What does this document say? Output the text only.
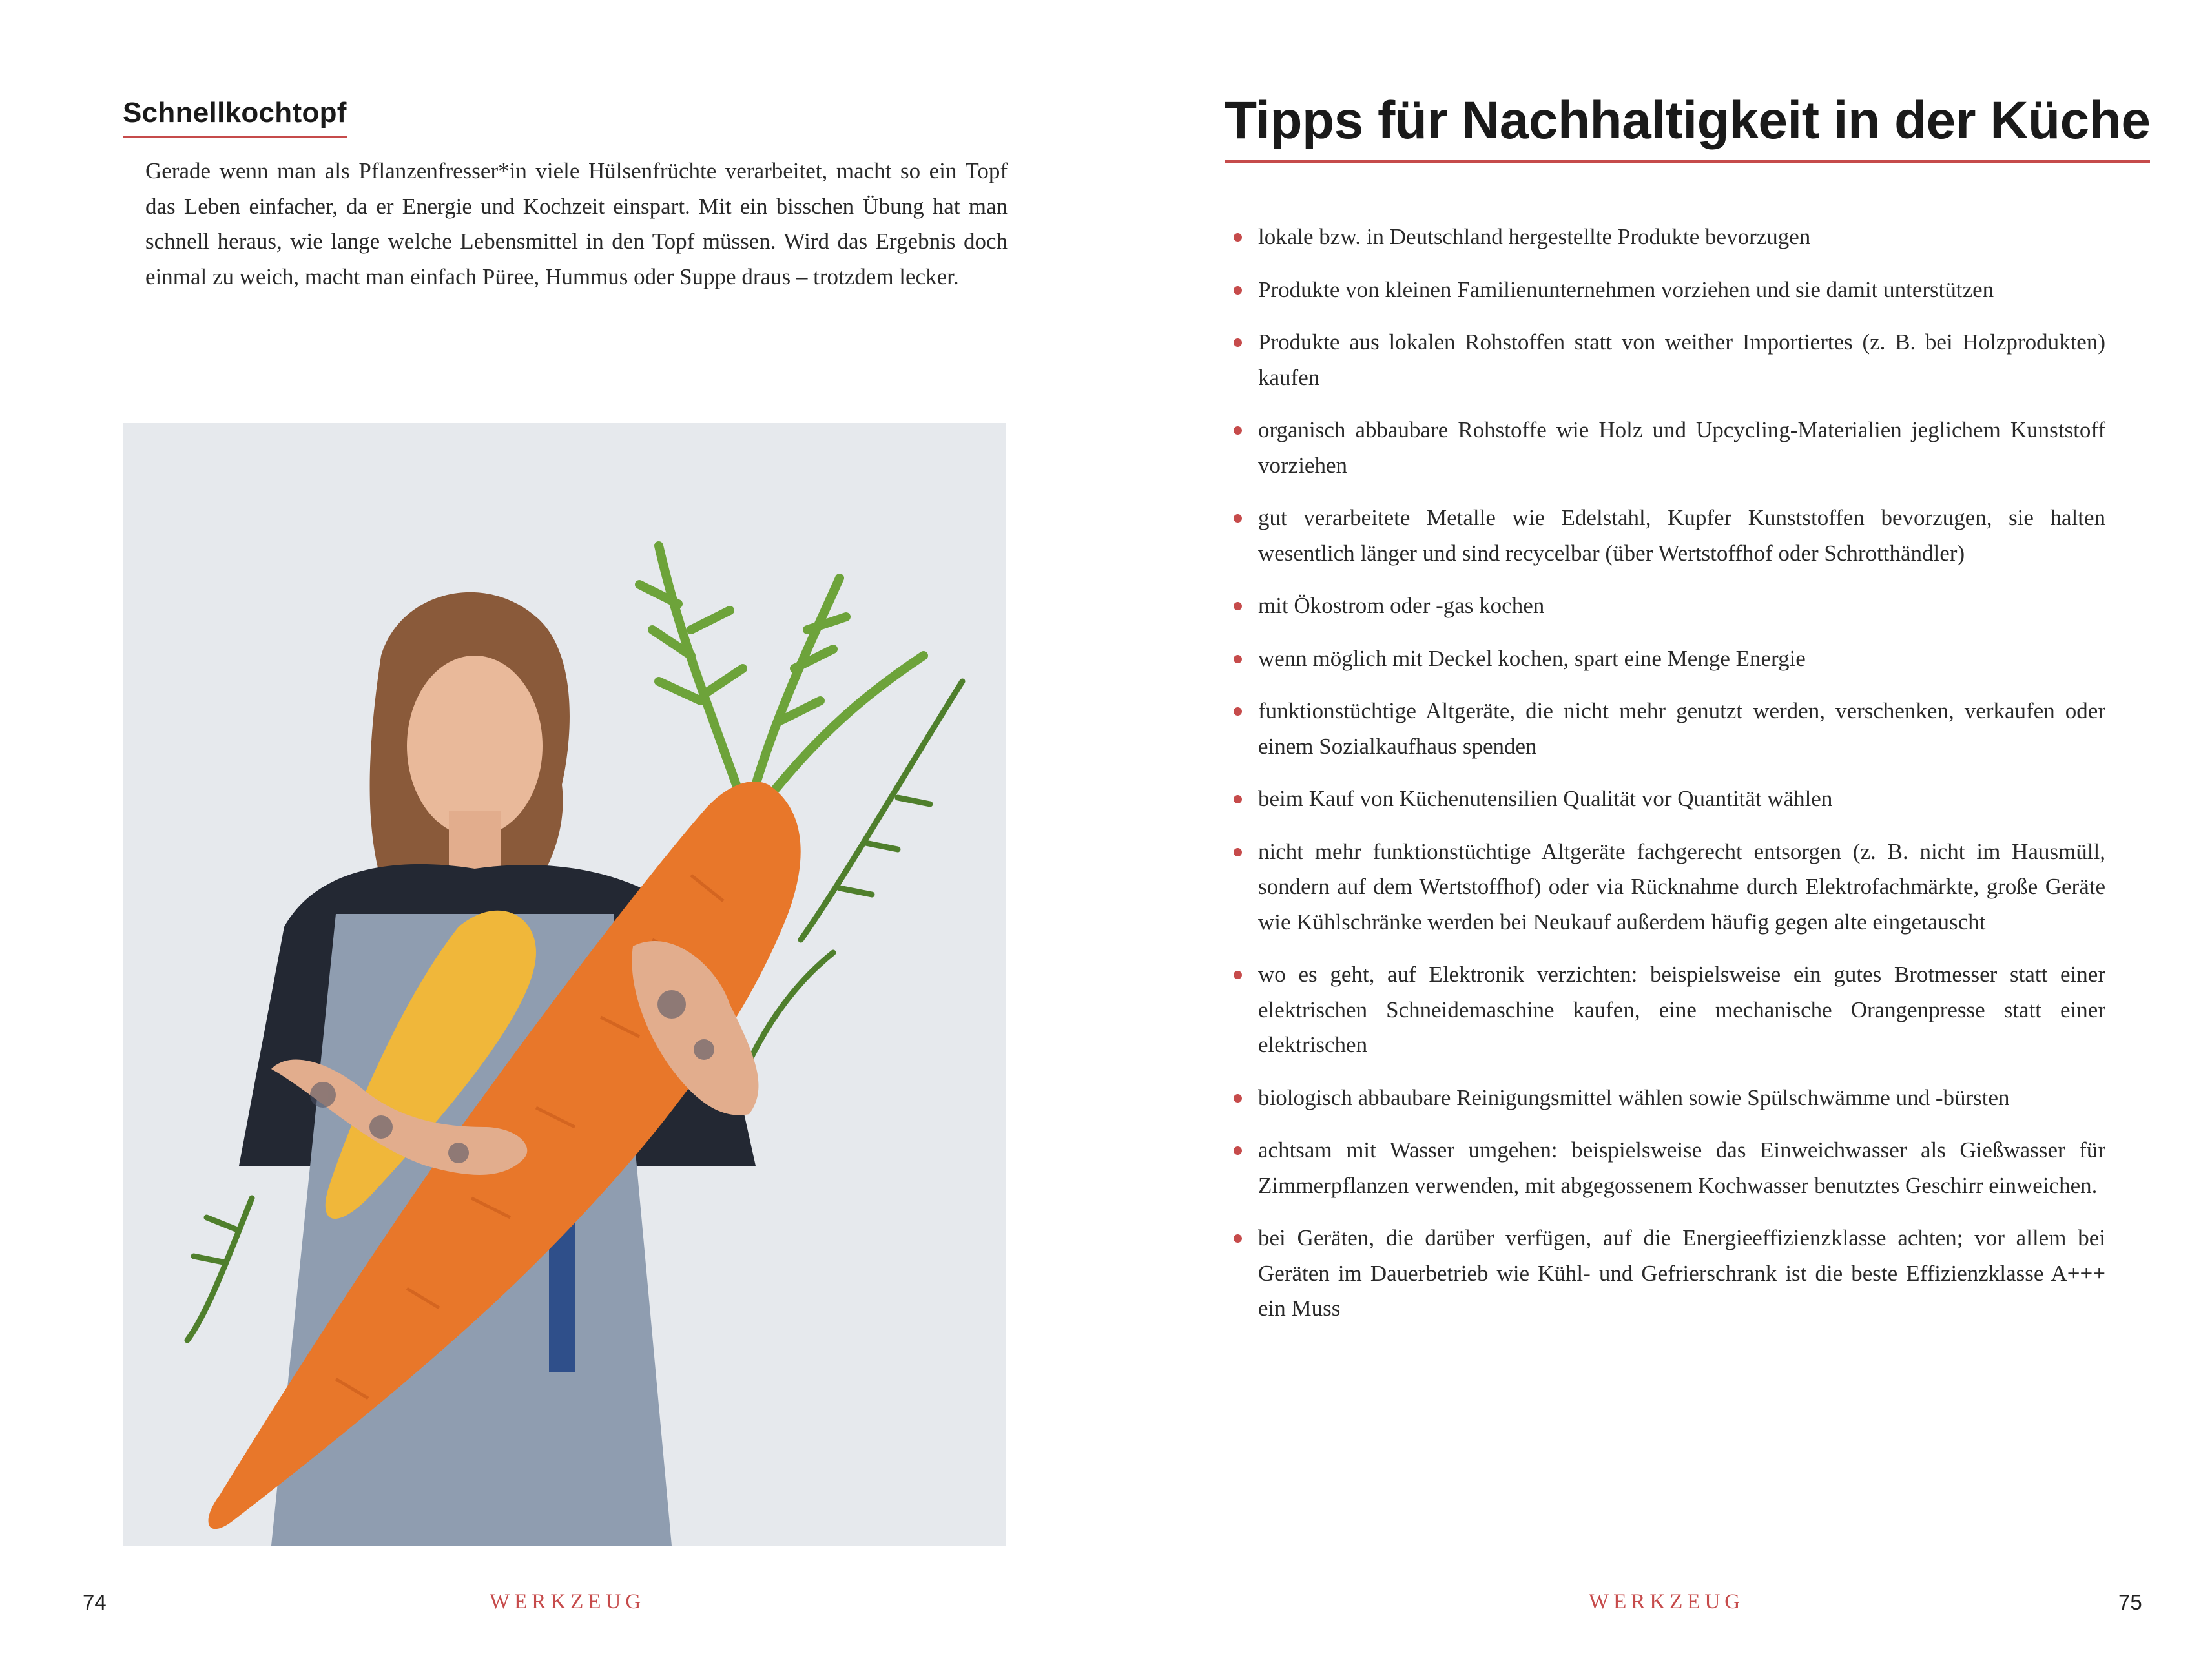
Schnellkochtopf

Gerade wenn man als Pflanzenfresser*in viele Hülsenfrüchte verarbeitet, macht so ein Topf das Leben einfacher, da er Energie und Kochzeit einspart. Mit ein bisschen Übung hat man schnell heraus, wie lange welche Lebensmittel in den Topf müssen. Wird das Ergebnis doch einmal zu weich, macht man einfach Püree, Hummus oder Suppe draus – trotzdem lecker.

74	WERKZEUG
Tipps für Nachhaltigkeit in der Küche
lokale bzw. in Deutschland hergestellte Produkte bevorzugen
Produkte von kleinen Familienunternehmen vorziehen und sie damit unterstützen
Produkte aus lokalen Rohstoffen statt von weither Importiertes (z. B. bei Holzprodukten) kaufen
organisch abbaubare Rohstoffe wie Holz und Upcycling-Materialien jeglichem Kunststoff vorziehen
gut verarbeitete Metalle wie Edelstahl, Kupfer Kunststoffen bevorzugen, sie halten wesentlich länger und sind recycelbar (über Wertstoffhof oder Schrotthändler)
mit Ökostrom oder -gas kochen
wenn möglich mit Deckel kochen, spart eine Menge Energie
funktionstüchtige Altgeräte, die nicht mehr genutzt werden, verschenken, verkaufen oder einem Sozialkaufhaus spenden
beim Kauf von Küchenutensilien Qualität vor Quantität wählen
nicht mehr funktionstüchtige Altgeräte fachgerecht entsorgen (z. B. nicht im Hausmüll, sondern auf dem Wertstoffhof) oder via Rücknahme durch Elektrofachmärkte, große Geräte wie Kühlschränke werden bei Neukauf außerdem häufig gegen alte eingetauscht
wo es geht, auf Elektronik verzichten: beispielsweise ein gutes Brotmesser statt einer elektrischen Schneidemaschine kaufen, eine mechanische Orangenpresse statt einer elektrischen
biologisch abbaubare Reinigungsmittel wählen sowie Spülschwämme und -bürsten
achtsam mit Wasser umgehen: beispielsweise das Einweichwasser als Gießwasser für Zimmerpflanzen verwenden, mit abgegossenem Kochwasser benutztes Geschirr einweichen.
bei Geräten, die darüber verfügen, auf die Energieeffizienzklasse achten; vor allem bei Geräten im Dauerbetrieb wie Kühl- und Gefrierschrank ist die beste Effizienzklasse A+++ ein Muss
WERKZEUG	75
